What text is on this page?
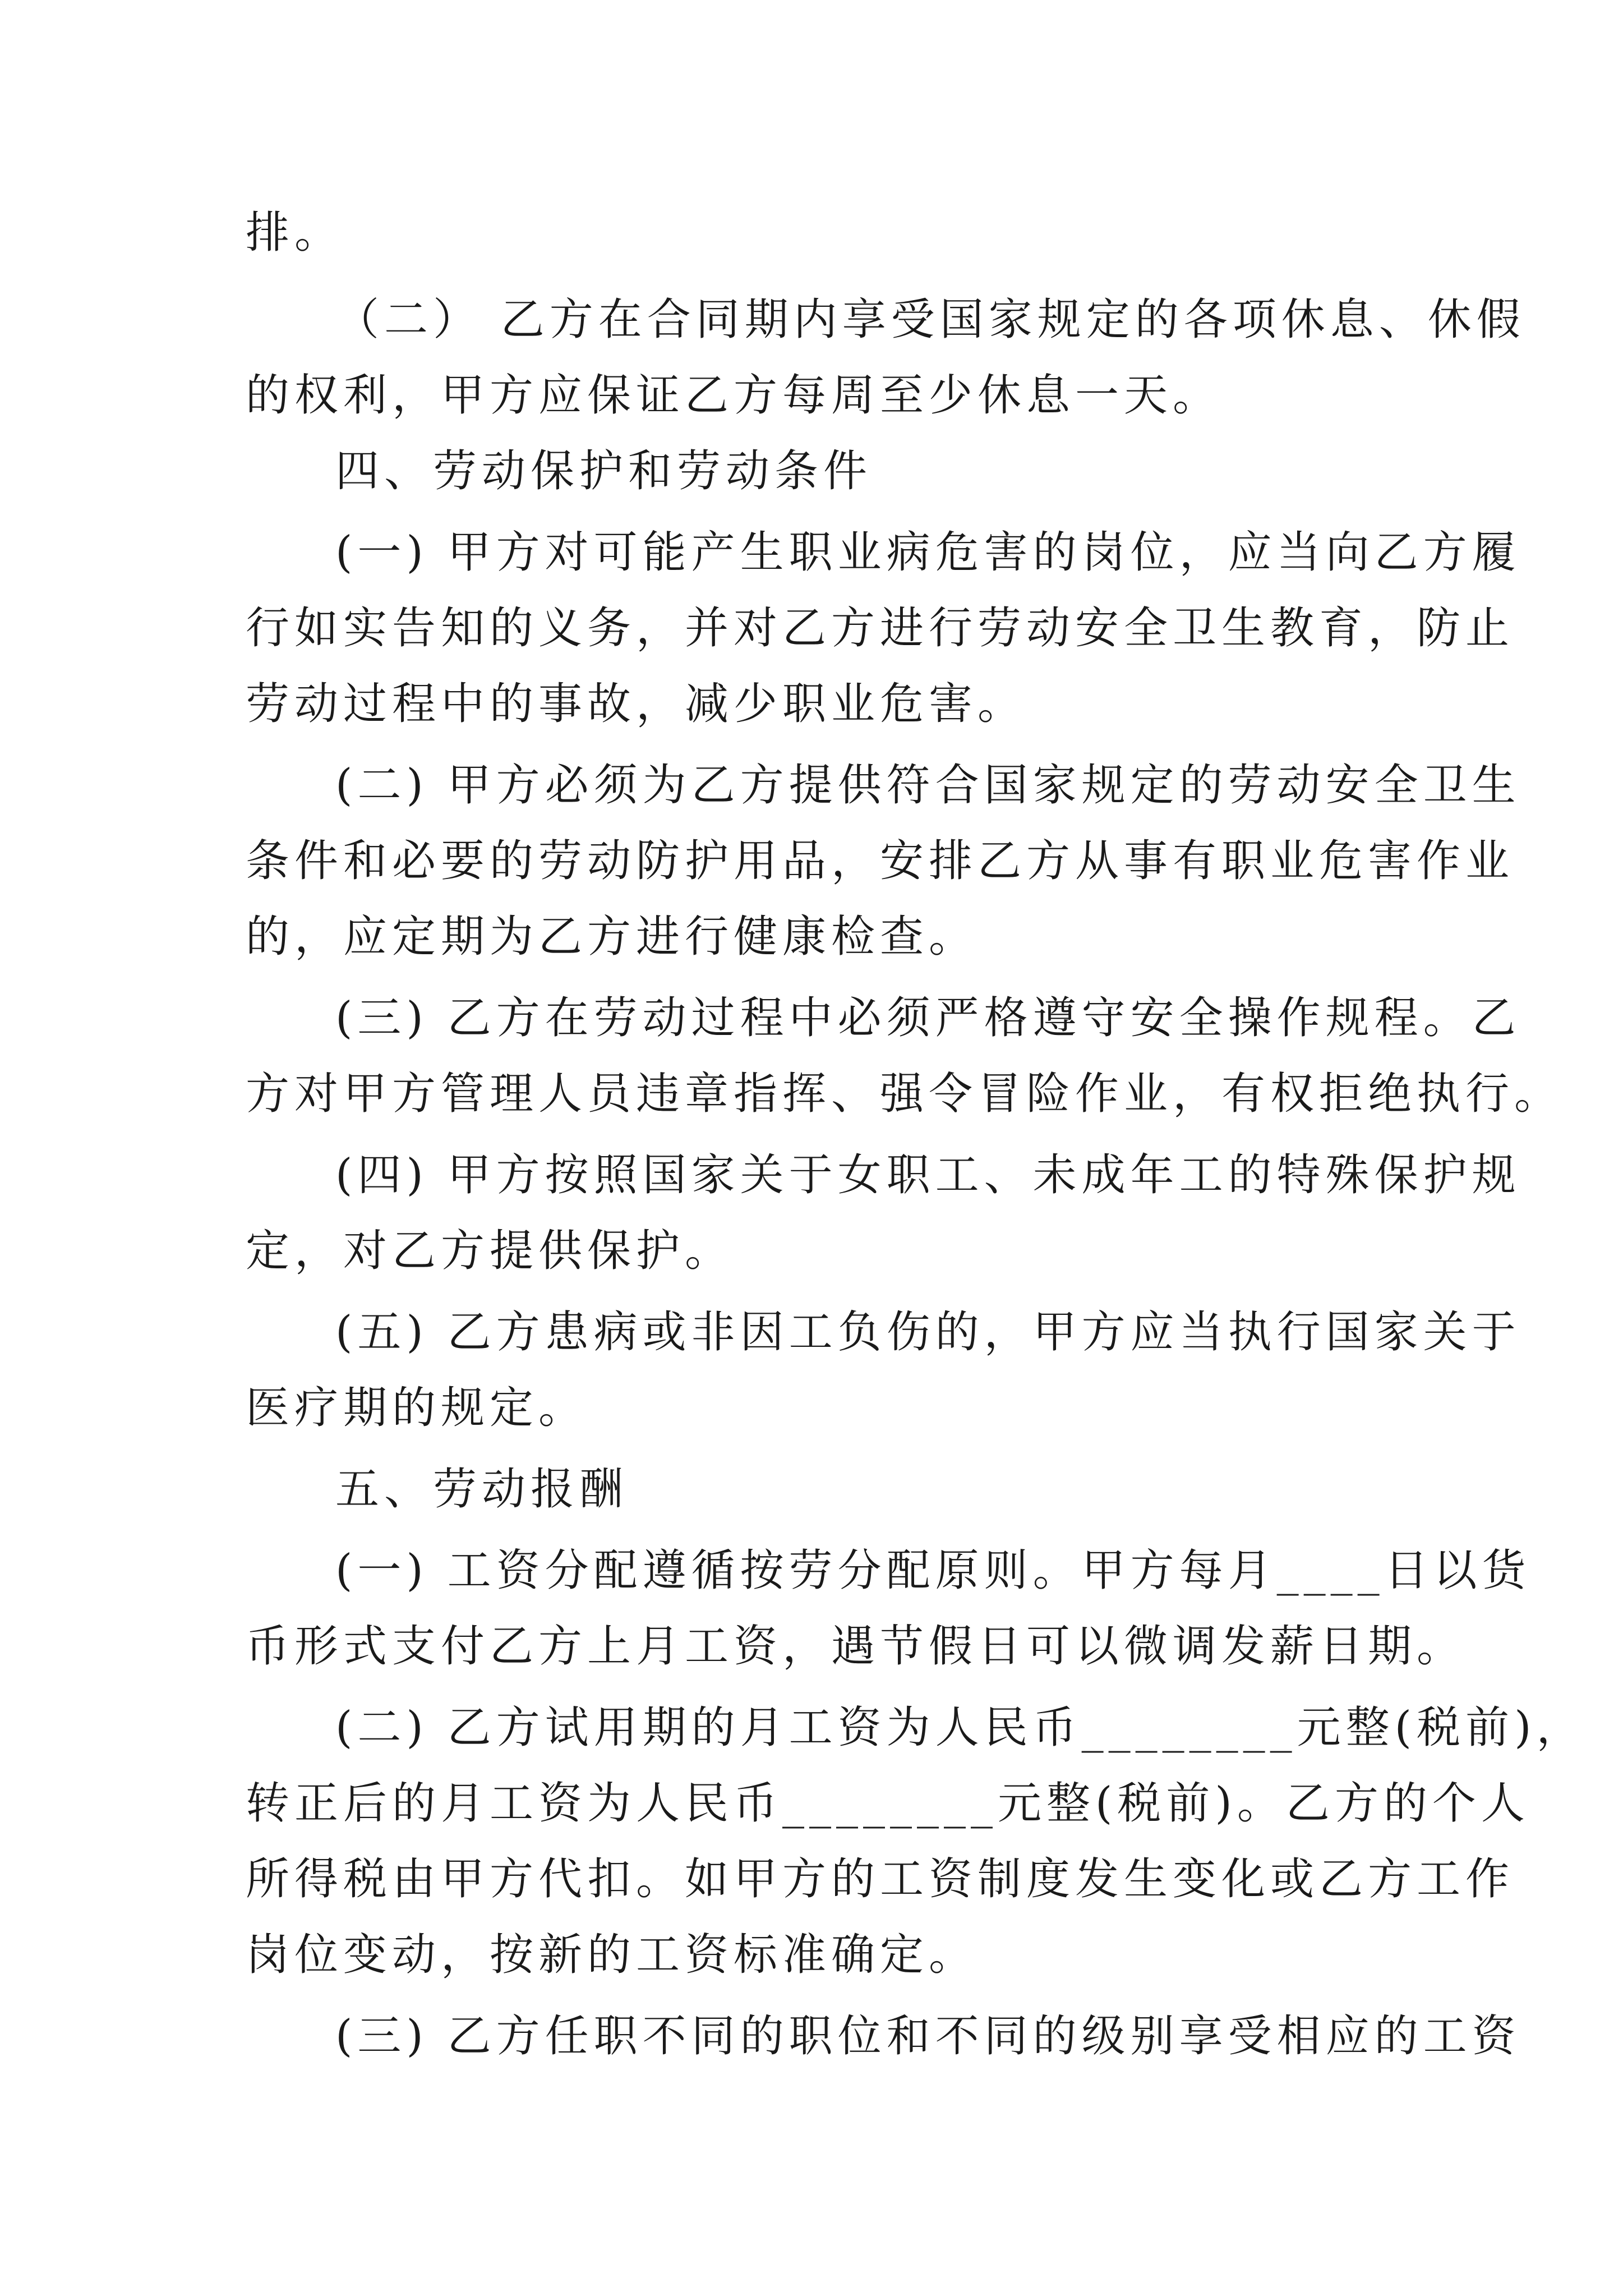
排。
（二） 乙方在合同期内享受国家规定的各项休息、休假
的权利，甲方应保证乙方每周至少休息一天。
四、劳动保护和劳动条件
(一) 甲方对可能产生职业病危害的岗位，应当向乙方履
行如实告知的义务，并对乙方进行劳动安全卫生教育，防止
劳动过程中的事故，减少职业危害。
(二) 甲方必须为乙方提供符合国家规定的劳动安全卫生
条件和必要的劳动防护用品，安排乙方从事有职业危害作业
的，应定期为乙方进行健康检查。
(三) 乙方在劳动过程中必须严格遵守安全操作规程。乙
方对甲方管理人员违章指挥、强令冒险作业，有权拒绝执行。
(四) 甲方按照国家关于女职工、未成年工的特殊保护规
定，对乙方提供保护。
(五) 乙方患病或非因工负伤的，甲方应当执行国家关于
医疗期的规定。
五、劳动报酬
(一) 工资分配遵循按劳分配原则。甲方每月____日以货
币形式支付乙方上月工资，遇节假日可以微调发薪日期。
(二) 乙方试用期的月工资为人民币________元整(税前)，
转正后的月工资为人民币________元整(税前)。乙方的个人
所得税由甲方代扣。如甲方的工资制度发生变化或乙方工作
岗位变动，按新的工资标准确定。
(三) 乙方任职不同的职位和不同的级别享受相应的工资
